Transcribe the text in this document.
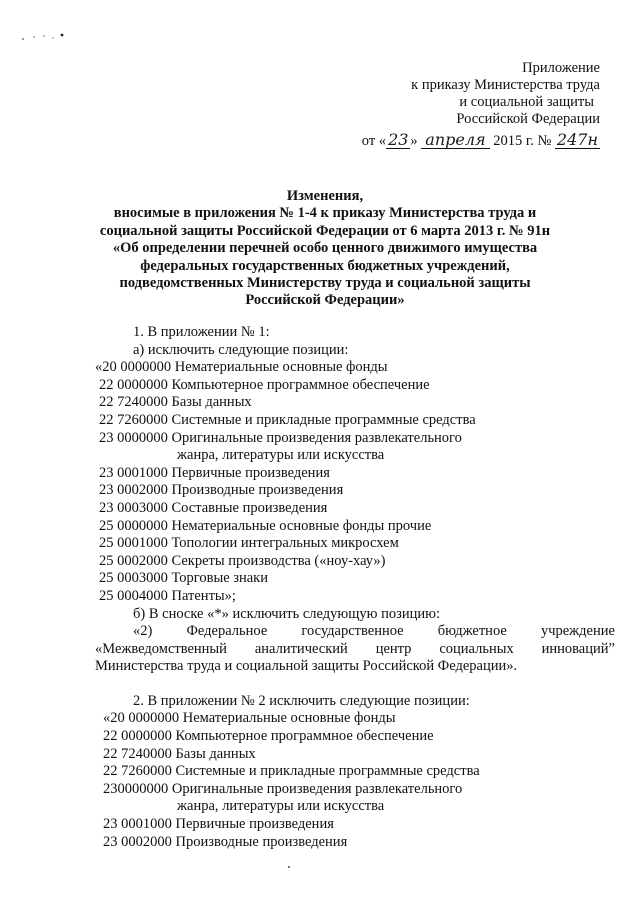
Приложение
к приказу Министерства труда
и социальной защиты
Российской Федерации
от « 23 » апреля 2015 г. № 247н
Изменения,
вносимые в приложения № 1-4 к приказу Министерства труда и
социальной защиты Российской Федерации от 6 марта 2013 г. № 91н
«Об определении перечней особо ценного движимого имущества
федеральных государственных бюджетных учреждений,
подведомственных Министерству труда и социальной защиты
Российской Федерации»
1. В приложении № 1:
а) исключить следующие позиции:
«20 0000000 Нематериальные основные фонды
22 0000000 Компьютерное программное обеспечение
22 7240000 Базы данных
22 7260000 Системные и прикладные программные средства
23 0000000 Оригинальные произведения развлекательного
жанра, литературы или искусства
23 0001000 Первичные произведения
23 0002000 Производные произведения
23 0003000 Составные произведения
25 0000000 Нематериальные основные фонды прочие
25 0001000 Топологии интегральных микросхем
25 0002000 Секреты производства («ноу-хау»)
25 0003000 Торговые знаки
25 0004000 Патенты»;
б) В сноске «*» исключить следующую позицию:
«2) Федеральное государственное бюджетное учреждение
«Межведомственный аналитический центр социальных инновацийˮ
Министерства труда и социальной защиты Российской Федерации».
2. В приложении № 2 исключить следующие позиции:
«20 0000000 Нематериальные основные фонды
22 0000000 Компьютерное программное обеспечение
22 7240000 Базы данных
22 7260000 Системные и прикладные программные средства
230000000 Оригинальные произведения развлекательного
жанра, литературы или искусства
23 0001000 Первичные произведения
23 0002000 Производные произведения
